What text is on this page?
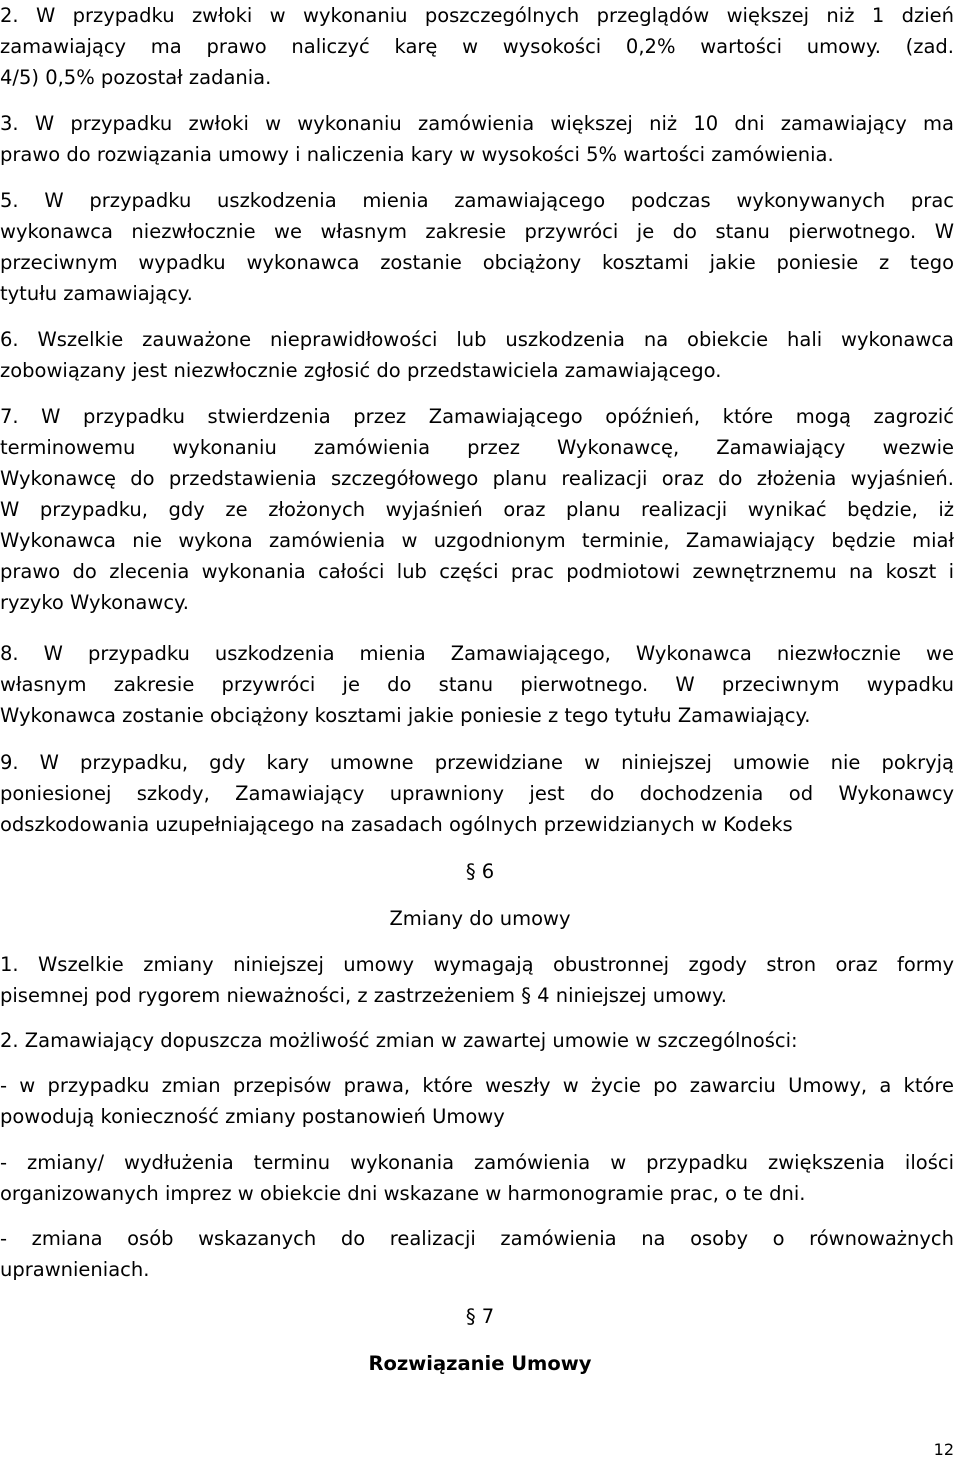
2. W przypadku zwłoki w wykonaniu poszczególnych przeglądów większej niż 1 dzień
zamawiający ma prawo naliczyć karę w wysokości 0,2% wartości umowy. (zad.
4/5) 0,5% pozostał zadania.
3. W przypadku zwłoki w wykonaniu zamówienia większej niż 10 dni zamawiający ma
prawo do rozwiązania umowy i naliczenia kary w wysokości 5% wartości zamówienia.
5. W przypadku uszkodzenia mienia zamawiającego podczas wykonywanych prac
wykonawca niezwłocznie we własnym zakresie przywróci je do stanu pierwotnego. W
przeciwnym wypadku wykonawca zostanie obciążony kosztami jakie poniesie z tego
tytułu zamawiający.
6. Wszelkie zauważone nieprawidłowości lub uszkodzenia na obiekcie hali wykonawca
zobowiązany jest niezwłocznie zgłosić do przedstawiciela zamawiającego.
7. W przypadku stwierdzenia przez Zamawiającego opóźnień, które mogą zagrozić
terminowemu wykonaniu zamówienia przez Wykonawcę, Zamawiający wezwie
Wykonawcę do przedstawienia szczegółowego planu realizacji oraz do złożenia wyjaśnień.
W przypadku, gdy ze złożonych wyjaśnień oraz planu realizacji wynikać będzie, iż
Wykonawca nie wykona zamówienia w uzgodnionym terminie, Zamawiający będzie miał
prawo do zlecenia wykonania całości lub części prac podmiotowi zewnętrznemu na koszt i
ryzyko Wykonawcy.
8. W przypadku uszkodzenia mienia Zamawiającego, Wykonawca niezwłocznie we
własnym zakresie przywróci je do stanu pierwotnego. W przeciwnym wypadku
Wykonawca zostanie obciążony kosztami jakie poniesie z tego tytułu Zamawiający.
9. W przypadku, gdy kary umowne przewidziane w niniejszej umowie nie pokryją
poniesionej szkody, Zamawiający uprawniony jest do dochodzenia od Wykonawcy
odszkodowania uzupełniającego na zasadach ogólnych przewidzianych w Kodeks
§ 6
Zmiany do umowy
1. Wszelkie zmiany niniejszej umowy wymagają obustronnej zgody stron oraz formy
pisemnej pod rygorem nieważności, z zastrzeżeniem § 4 niniejszej umowy.
2. Zamawiający dopuszcza możliwość zmian w zawartej umowie w szczególności:
- w przypadku zmian przepisów prawa, które weszły w życie po zawarciu Umowy, a które
powodują konieczność zmiany postanowień Umowy
- zmiany/ wydłużenia terminu wykonania zamówienia w przypadku zwiększenia ilości
organizowanych imprez w obiekcie dni wskazane w harmonogramie prac, o te dni.
- zmiana osób wskazanych do realizacji zamówienia na osoby o równoważnych
uprawnieniach.
§ 7
Rozwiązanie Umowy
12
